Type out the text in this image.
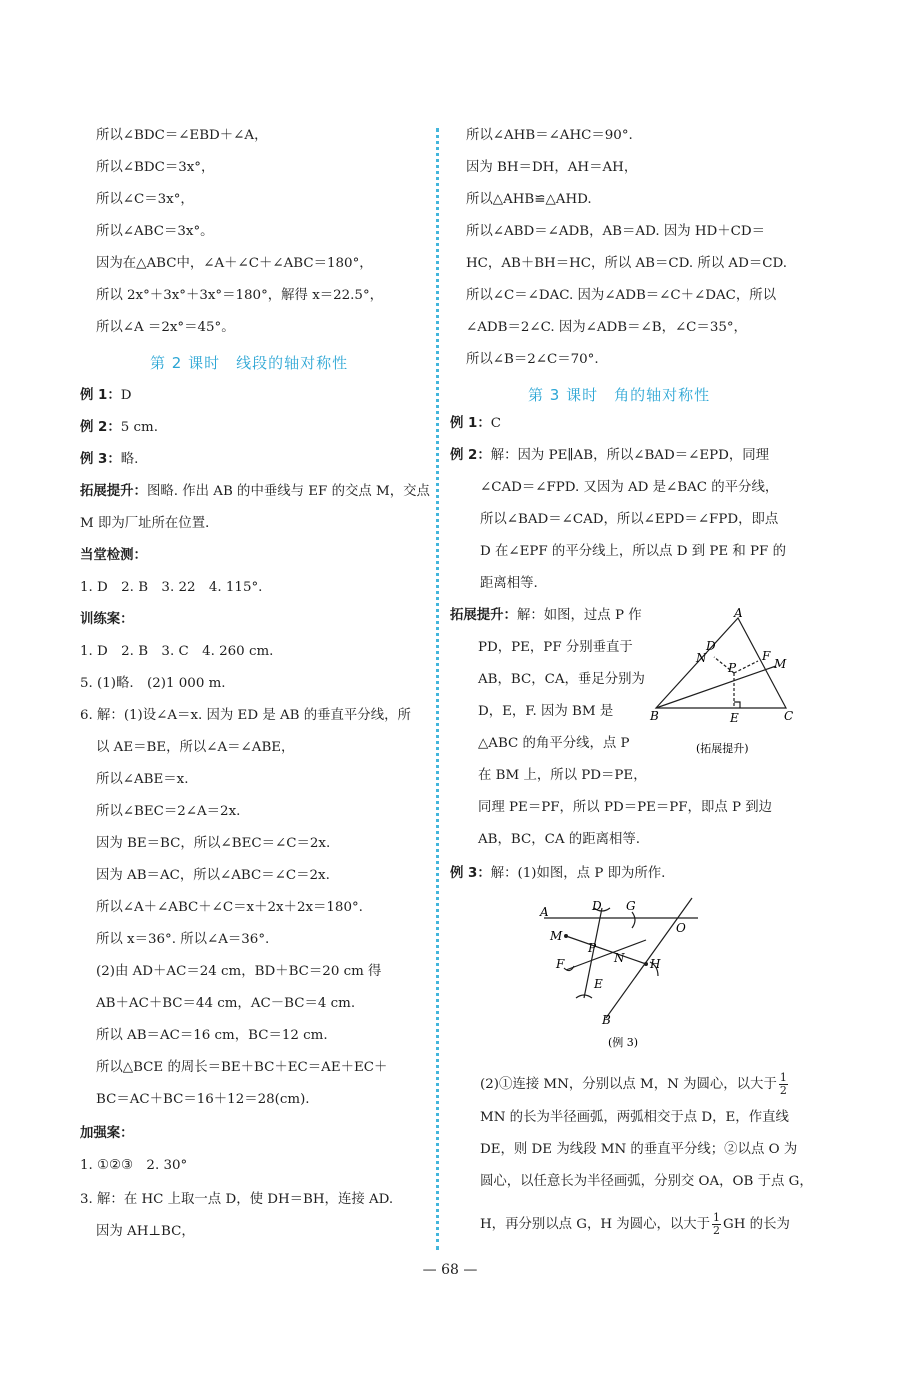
所以∠BDC＝∠EBD＋∠A，
所以∠BDC＝3x°，
所以∠C＝3x°，
所以∠ABC＝3x°。
因为在△ABC中，∠A＋∠C＋∠ABC＝180°，
所以 2x°＋3x°＋3x°＝180°，解得 x＝22.5°，
所以∠A ＝2x°＝45°。
第 2 课时　线段的轴对称性
例 1：D
例 2：5 cm.
例 3：略.
拓展提升：图略. 作出 AB 的中垂线与 EF 的交点 M，交点
M 即为厂址所在位置．
当堂检测：
1. D　2. B　3. 22　4. 115°.
训练案：
1. D　2. B　3. C　4. 260 cm.
5. (1)略.　(2)1 000 m.
6. 解：(1)设∠A＝x. 因为 ED 是 AB 的垂直平分线，所
以 AE＝BE，所以∠A＝∠ABE，
所以∠ABE＝x.
所以∠BEC＝2∠A＝2x.
因为 BE＝BC，所以∠BEC＝∠C＝2x.
因为 AB＝AC，所以∠ABC＝∠C＝2x.
所以∠A＋∠ABC＋∠C＝x＋2x＋2x＝180°.
所以 x＝36°. 所以∠A＝36°.
(2)由 AD＋AC＝24 cm，BD＋BC＝20 cm 得
AB＋AC＋BC＝44 cm，AC－BC＝4 cm.
所以 AB＝AC＝16 cm，BC＝12 cm.
所以△BCE 的周长＝BE＋BC＋EC＝AE＋EC＋
BC＝AC＋BC＝16＋12＝28(cm).
加强案：
1. ①②③　2. 30°
3. 解：在 HC 上取一点 D，使 DH＝BH，连接 AD.
因为 AH⊥BC，
所以∠AHB＝∠AHC＝90°.
因为 BH＝DH，AH＝AH，
所以△AHB≌△AHD.
所以∠ABD＝∠ADB，AB＝AD. 因为 HD＋CD＝
HC，AB＋BH＝HC，所以 AB＝CD. 所以 AD＝CD.
所以∠C＝∠DAC. 因为∠ADB＝∠C＋∠DAC，所以
∠ADB＝2∠C. 因为∠ADB＝∠B，∠C＝35°，
所以∠B＝2∠C＝70°.
第 3 课时　角的轴对称性
例 1：C
例 2：解：因为 PE∥AB，所以∠BAD＝∠EPD，同理
∠CAD＝∠FPD. 又因为 AD 是∠BAC 的平分线，
所以∠BAD＝∠CAD，所以∠EPD＝∠FPD，即点
D 在∠EPF 的平分线上，所以点 D 到 PE 和 PF 的
距离相等.
拓展提升：解：如图，过点 P 作
PD，PE，PF 分别垂直于
AB，BC，CA，垂足分别为
D，E，F. 因为 BM 是
△ABC 的角平分线，点 P
在 BM 上，所以 PD＝PE，
同理 PE＝PF，所以 PD＝PE＝PF，即点 P 到边
AB，BC，CA 的距离相等.
A
B	C
D
N
P
F
M
E
(拓展提升)
例 3：解：(1)如图，点 P 即为所作.
A	D G
O
M
P
N
F	H
E
B
(例 3)
(2)①连接 MN，分别以点 M，N 为圆心，以大于 $\frac{1}{2}$
MN 的长为半径画弧，两弧相交于点 D，E，作直线
DE，则 DE 为线段 MN 的垂直平分线；②以点 O 为
圆心，以任意长为半径画弧，分别交 OA，OB 于点 G，
H，再分别以点 G，H 为圆心，以大于 $\frac{1}{2}$ GH 的长为
— 68 —
